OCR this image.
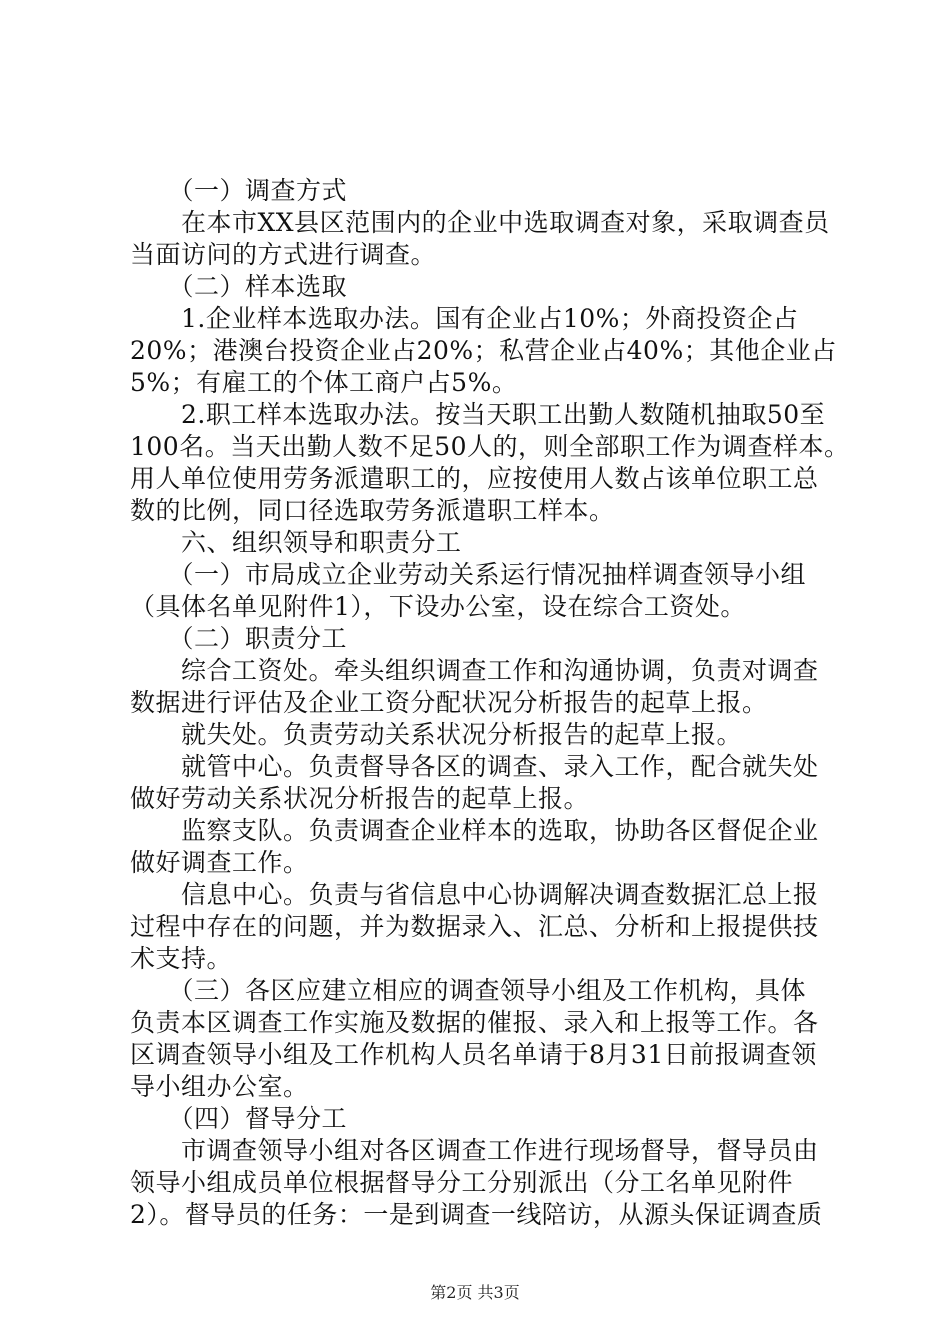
　　（一）调查方式
　　在本市XX县区范围内的企业中选取调查对象，采取调查员
当面访问的方式进行调查。
　　（二）样本选取
　　1.企业样本选取办法。国有企业占10%；外商投资企占
20%；港澳台投资企业占20%；私营企业占40%；其他企业占
5%；有雇工的个体工商户占5%。
　　2.职工样本选取办法。按当天职工出勤人数随机抽取50至
100名。当天出勤人数不足50人的，则全部职工作为调查样本。
用人单位使用劳务派遣职工的，应按使用人数占该单位职工总
数的比例，同口径选取劳务派遣职工样本。
　　六、组织领导和职责分工
　　（一）市局成立企业劳动关系运行情况抽样调查领导小组
（具体名单见附件1），下设办公室，设在综合工资处。
　　（二）职责分工
　　综合工资处。牵头组织调查工作和沟通协调，负责对调查
数据进行评估及企业工资分配状况分析报告的起草上报。
　　就失处。负责劳动关系状况分析报告的起草上报。
　　就管中心。负责督导各区的调查、录入工作，配合就失处
做好劳动关系状况分析报告的起草上报。
　　监察支队。负责调查企业样本的选取，协助各区督促企业
做好调查工作。
　　信息中心。负责与省信息中心协调解决调查数据汇总上报
过程中存在的问题，并为数据录入、汇总、分析和上报提供技
术支持。
　　（三）各区应建立相应的调查领导小组及工作机构，具体
负责本区调查工作实施及数据的催报、录入和上报等工作。各
区调查领导小组及工作机构人员名单请于8月31日前报调查领
导小组办公室。
　　（四）督导分工
　　市调查领导小组对各区调查工作进行现场督导，督导员由
领导小组成员单位根据督导分工分别派出（分工名单见附件
2）。督导员的任务：一是到调查一线陪访，从源头保证调查质
第2页 共3页
